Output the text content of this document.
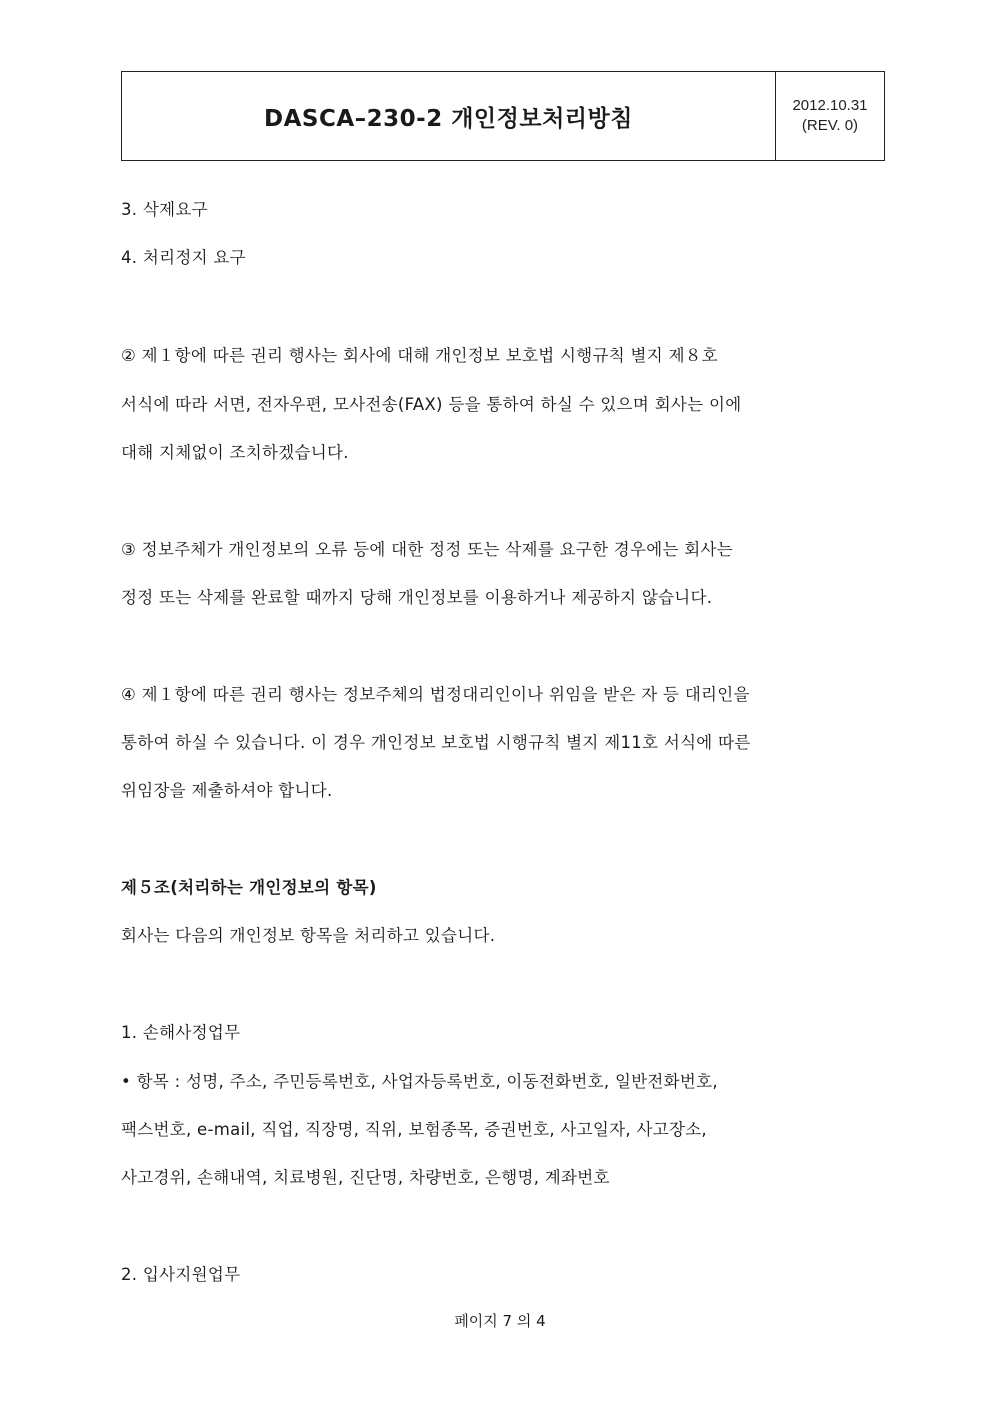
DASCA–230-2 개인정보처리방침	2012.10.31
(REV. 0)
3. 삭제요구
4. 처리정지 요구
② 제１항에 따른 권리 행사는 회사에 대해 개인정보 보호법 시행규칙 별지 제８호
서식에 따라 서면, 전자우편, 모사전송(FAX) 등을 통하여 하실 수 있으며 회사는 이에
대해 지체없이 조치하겠습니다.
③ 정보주체가 개인정보의 오류 등에 대한 정정 또는 삭제를 요구한 경우에는 회사는
정정 또는 삭제를 완료할 때까지 당해 개인정보를 이용하거나 제공하지 않습니다.
④ 제１항에 따른 권리 행사는 정보주체의 법정대리인이나 위임을 받은 자 등 대리인을
통하여 하실 수 있습니다. 이 경우 개인정보 보호법 시행규칙 별지 제11호 서식에 따른
위임장을 제출하셔야 합니다.
제５조(처리하는 개인정보의 항목)
회사는 다음의 개인정보 항목을 처리하고 있습니다.
1. 손해사정업무
• 항목 : 성명, 주소, 주민등록번호, 사업자등록번호, 이동전화번호, 일반전화번호,
팩스번호, e-mail, 직업, 직장명, 직위, 보험종목, 증권번호, 사고일자, 사고장소,
사고경위, 손해내역, 치료병원, 진단명, 차량번호, 은행명, 계좌번호
2. 입사지원업무
페이지 7 의 4
